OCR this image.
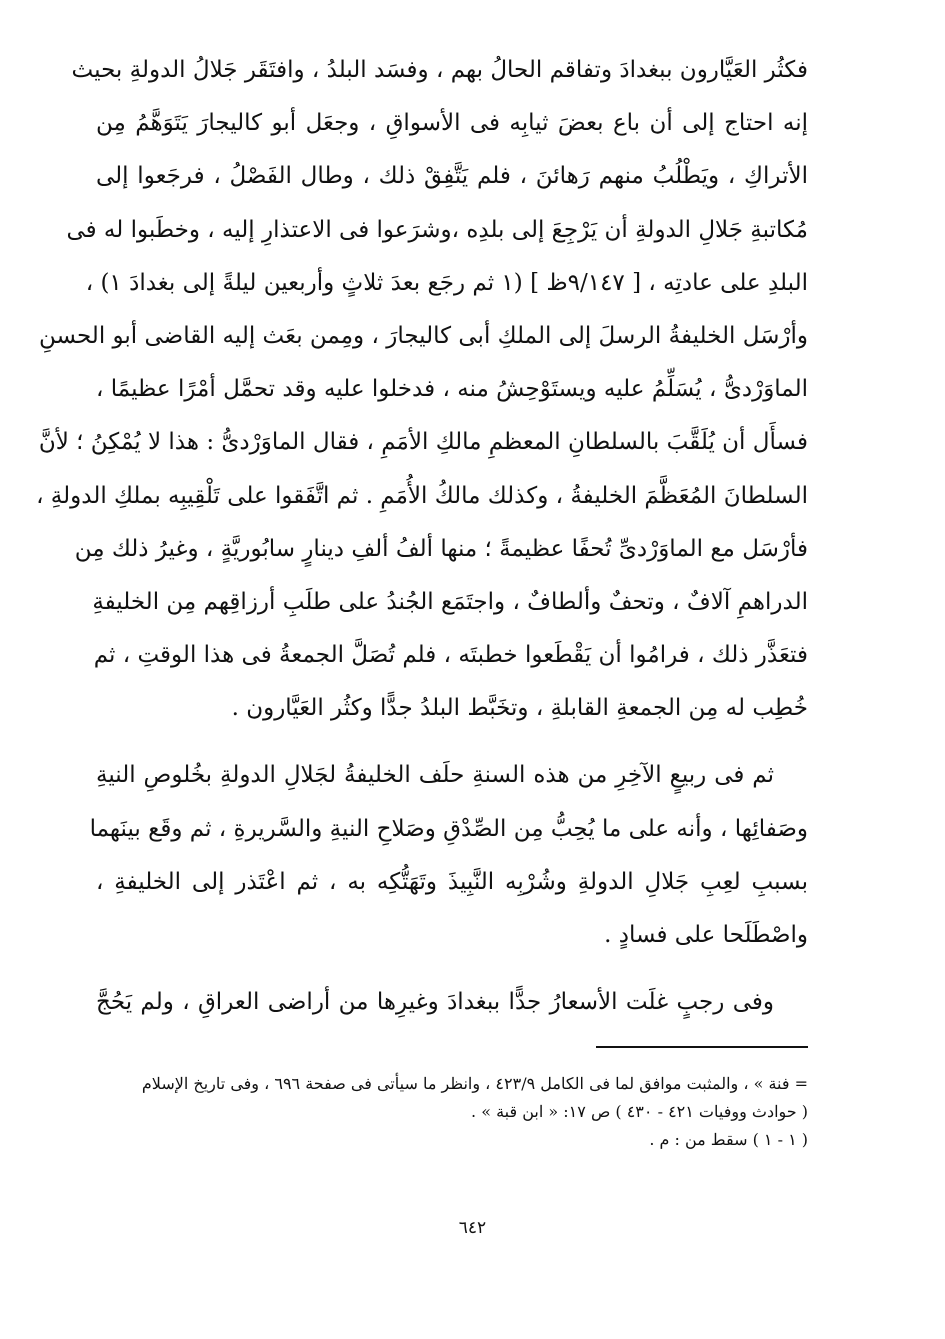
فكثُر العَيَّارون ببغدادَ وتفاقم الحالُ بهم ، وفسَد البلدُ ، وافتَقَر جَلالُ الدولةِ بحيث
إنه احتاج إلى أن باع بعضَ ثيابِه فى الأسواقِ ، وجعَل أبو كاليجارَ يَتَوَهَّمُ مِن
الأتراكِ ، ويَطْلُبُ منهم رَهائنَ ، فلم يَتَّفِقْ ذلك ، وطال الفَصْلُ ، فرجَعوا إلى
مُكاتبةِ جَلالِ الدولةِ أن يَرْجِعَ إلى بلدِه ،وشرَعوا فى الاعتذارِ إليه ، وخطَبوا له فى
البلدِ على عادتِه ، [ ٩/١٤٧ظ ] (١ ثم رجَع بعدَ ثلاثٍ وأربعين ليلةً إلى بغدادَ ١) ،
وأرْسَل الخليفةُ الرسلَ إلى الملكِ أبى كاليجارَ ، ومِمن بعَث إليه القاضى أبو الحسنِ
الماوَرْدىُّ ، يُسَلِّمُ عليه ويستَوْحِشُ منه ، فدخلوا عليه وقد تحمَّل أمْرًا عظيمًا ،
فسأَل أن يُلَقَّبَ بالسلطانِ المعظمِ مالكِ الأمَمِ ، فقال الماوَرْدىُّ : هذا لا يُمْكِنُ ؛ لأنَّ
السلطانَ المُعَظَّمَ الخليفةُ ، وكذلك مالكُ الأُمَمِ . ثم اتَّفَقوا على تَلْقِيبِه بملكِ الدولةِ ،
فأرْسَل مع الماوَرْدىِّ تُحفًا عظيمةً ؛ منها ألفُ ألفِ دينارٍ سابُوريَّةٍ ، وغيرُ ذلك مِن
الدراهمِ آلافٌ ، وتحفٌ وألطافٌ ، واجتَمَع الجُندُ على طلَبِ أرزاقِهم مِن الخليفةِ
فتعَذَّر ذلك ، فرامُوا أن يَقْطَعوا خطبتَه ، فلم تُصَلَّ الجمعةُ فى هذا الوقتِ ، ثم
خُطِب له مِن الجمعةِ القابلةِ ، وتخَبَّط البلدُ جدًّا وكثُر العَيَّارون .
ثم فى ربيعٍ الآخِرِ من هذه السنةِ حلَف الخليفةُ لجَلالِ الدولةِ بخُلوصِ النيةِ
وصَفائِها ، وأنه على ما يُحِبُّ مِن الصِّدْقِ وصَلاحِ النيةِ والسَّريرةِ ، ثم وقَع بينَهما
بسببِ لعِبِ جَلالِ الدولةِ وشُرْبِه النَّبِيذَ وتَهَتُّكِه به ، ثم اعْتَذر إلى الخليفةِ ،
واصْطَلَحا على فسادٍ .
وفى رجبٍ غلَت الأسعارُ جدًّا ببغدادَ وغيرِها من أراضى العراقِ ، ولم يَحُجَّ
= فنة » ، والمثبت موافق لما فى الكامل ٤٢٣/٩ ، وانظر ما سيأتى فى صفحة ٦٩٦ ، وفى تاريخ الإسلام
( حوادث ووفيات ٤٢١ - ٤٣٠ ) ص ١٧: « ابن قبة » .
( ١ - ١ ) سقط من : م .
٦٤٢
